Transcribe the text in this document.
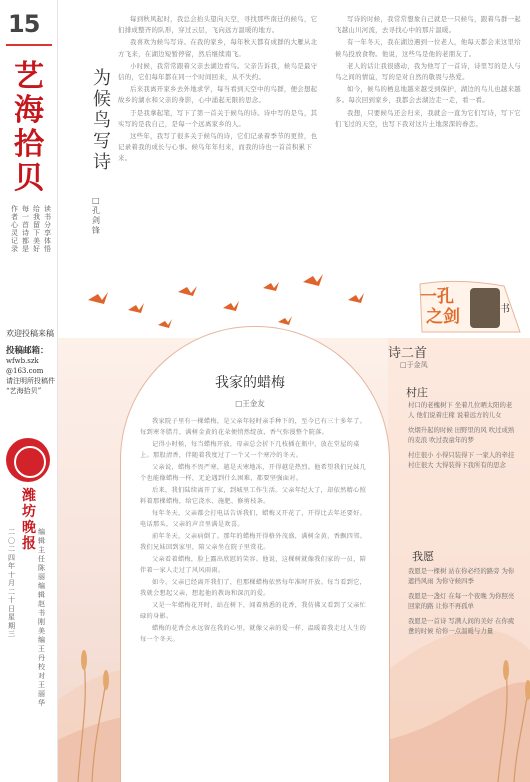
15
艺
海
拾
贝
读书分享体悟
给我留下美好
每一首诗都是
作者心灵记录
欢迎投稿来稿
投稿邮箱：
wfwb.szk
@163.com
请注明所投稿件 “艺海拾贝”
潍
坊
晚
报
二〇二四年十月二十日星期三
编辑主任 陈丽 编辑 赵书刚 美编 王丹 校对 王丽华
为
候
鸟
写
诗
□
孔
剑
锋

每到秋风起时，我总会抬头望向天空，寻找那些南迁的候鸟，它们排成整齐的队形，穿过云层，飞向远方温暖的地方。

我喜欢为候鸟写诗。在我的家乡，每年秋天都有成群的大雁从北方飞来，在湖边短暂停留，然后继续南飞。

小时候，我常常跟着父亲去湖边看鸟。父亲告诉我，候鸟是最守信的，它们每年都在同一个时间回来，从不失约。

后来我离开家乡去外地求学，每当看到天空中的鸟群，便会想起故乡的湖水和父亲的身影，心中涌起无限的思念。

于是我拿起笔，写下了第一首关于候鸟的诗。诗中写的是鸟，其实写的是我自己，是每一个远离家乡的人。

这些年，我写了很多关于候鸟的诗，它们记录着季节的更替，也记录着我的成长与心事。候鸟年年归来，而我的诗也一首首积累下来。

写诗的时候，我常常想象自己就是一只候鸟，跟着鸟群一起飞越山川河流，去寻找心中的那片温暖。

有一年冬天，我在湖边遇到一位老人，他每天都会来这里给候鸟投放食物。他说，这些鸟是他的老朋友了。

老人的话让我很感动，我为他写了一首诗，诗里写的是人与鸟之间的情谊，写的是对自然的敬畏与热爱。

如今，候鸟的栖息地越来越受到保护，湖边的鸟儿也越来越多。每次回到家乡，我都会去湖边走一走，看一看。

我想，只要候鸟还会归来，我就会一直为它们写诗，写下它们飞过的天空，也写下我对这片土地深深的眷恋。

一孔
之剑	书
我家的蜡梅
□王金友

我家院子里有一棵蜡梅，是父亲年轻时亲手种下的，至今已有三十多年了。每到寒冬腊月，满树金黄的花朵便悄然绽放，香气弥漫整个院落。

记得小时候，每当蜡梅开放，母亲总会折下几枝插在瓶中，放在堂屋的桌上。那股清香，伴随着我度过了一个又一个寒冷的冬天。

父亲说，蜡梅不畏严寒，越是天寒地冻，开得越是热烈。他希望我们兄妹几个也能像蜡梅一样，无论遇到什么困难，都要坚强面对。

后来，我们陆续离开了家，到城里工作生活。父亲年纪大了，却依然精心照料着那棵蜡梅，给它浇水、施肥、修剪枝条。

每年冬天，父亲都会打电话告诉我们，蜡梅又开花了，开得比去年还要好。电话那头，父亲的声音里满是欢喜。

前年冬天，父亲病倒了。那年的蜡梅开得格外茂盛，满树金黄，香飘四邻。我们兄妹回到家里，陪父亲坐在院子里赏花。

父亲看着蜡梅，脸上露出欣慰的笑容。他说，这棵树就像我们家的一员，陪伴着一家人走过了风风雨雨。

如今，父亲已经离开我们了，但那棵蜡梅依然每年准时开放。每当看到它，我就会想起父亲，想起他的教诲和深沉的爱。

又是一年蜡梅花开时，站在树下，闻着熟悉的花香，我仿佛又看到了父亲忙碌的身影。

蜡梅的花香会永远留在我的心里，就像父亲的爱一样，温暖着我走过人生的每一个冬天。

诗二首
□于金凤
村庄

村口的老槐树下 坐着几位晒太阳的老人 他们说着庄稼 说着远方的儿女

炊烟升起的时候 田野里的风 吹过成熟的麦浪 吹过我童年的梦

村庄很小 小得只装得下 一家人的牵挂 村庄很大 大得装得下我所有的思念

我愿

我愿是一棵树 站在你必经的路旁 为你遮挡风雨 为你守候四季

我愿是一盏灯 在每一个夜晚 为你照亮回家的路 让你不再孤单

我愿是一首诗 写满人间的美好 在你疲惫的时候 给你一点温暖与力量
